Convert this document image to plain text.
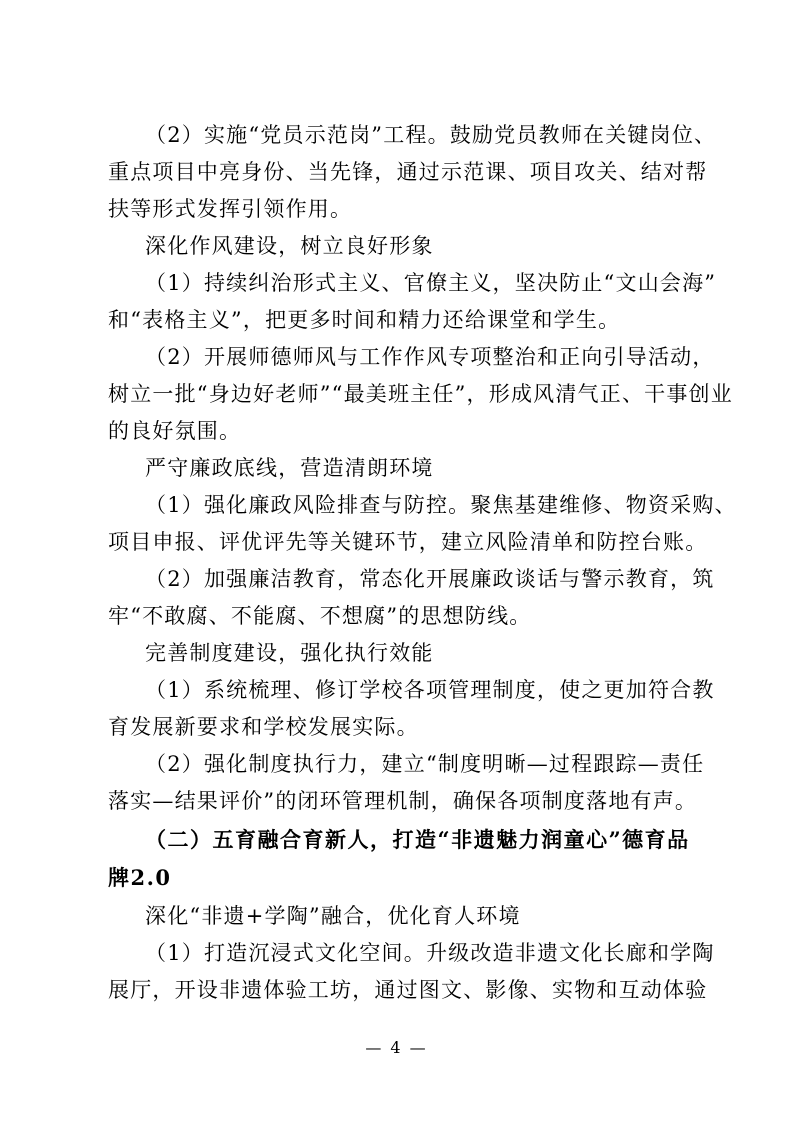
（2）实施“党员示范岗”工程。鼓励党员教师在关键岗位、
重点项目中亮身份、当先锋，通过示范课、项目攻关、结对帮
扶等形式发挥引领作用。
深化作风建设，树立良好形象
（1）持续纠治形式主义、官僚主义，坚决防止“文山会海”
和“表格主义”，把更多时间和精力还给课堂和学生。
（2）开展师德师风与工作作风专项整治和正向引导活动，
树立一批“身边好老师”“最美班主任”，形成风清气正、干事创业
的良好氛围。
严守廉政底线，营造清朗环境
（1）强化廉政风险排查与防控。聚焦基建维修、物资采购、
项目申报、评优评先等关键环节，建立风险清单和防控台账。
（2）加强廉洁教育，常态化开展廉政谈话与警示教育，筑
牢“不敢腐、不能腐、不想腐”的思想防线。
完善制度建设，强化执行效能
（1）系统梳理、修订学校各项管理制度，使之更加符合教
育发展新要求和学校发展实际。
（2）强化制度执行力，建立“制度明晰—过程跟踪—责任
落实—结果评价”的闭环管理机制，确保各项制度落地有声。
（二）五育融合育新人，打造“非遗魅力润童心”德育品
牌2.0
深化“非遗+学陶”融合，优化育人环境
（1）打造沉浸式文化空间。升级改造非遗文化长廊和学陶
展厅，开设非遗体验工坊，通过图文、影像、实物和互动体验
— 4 —
